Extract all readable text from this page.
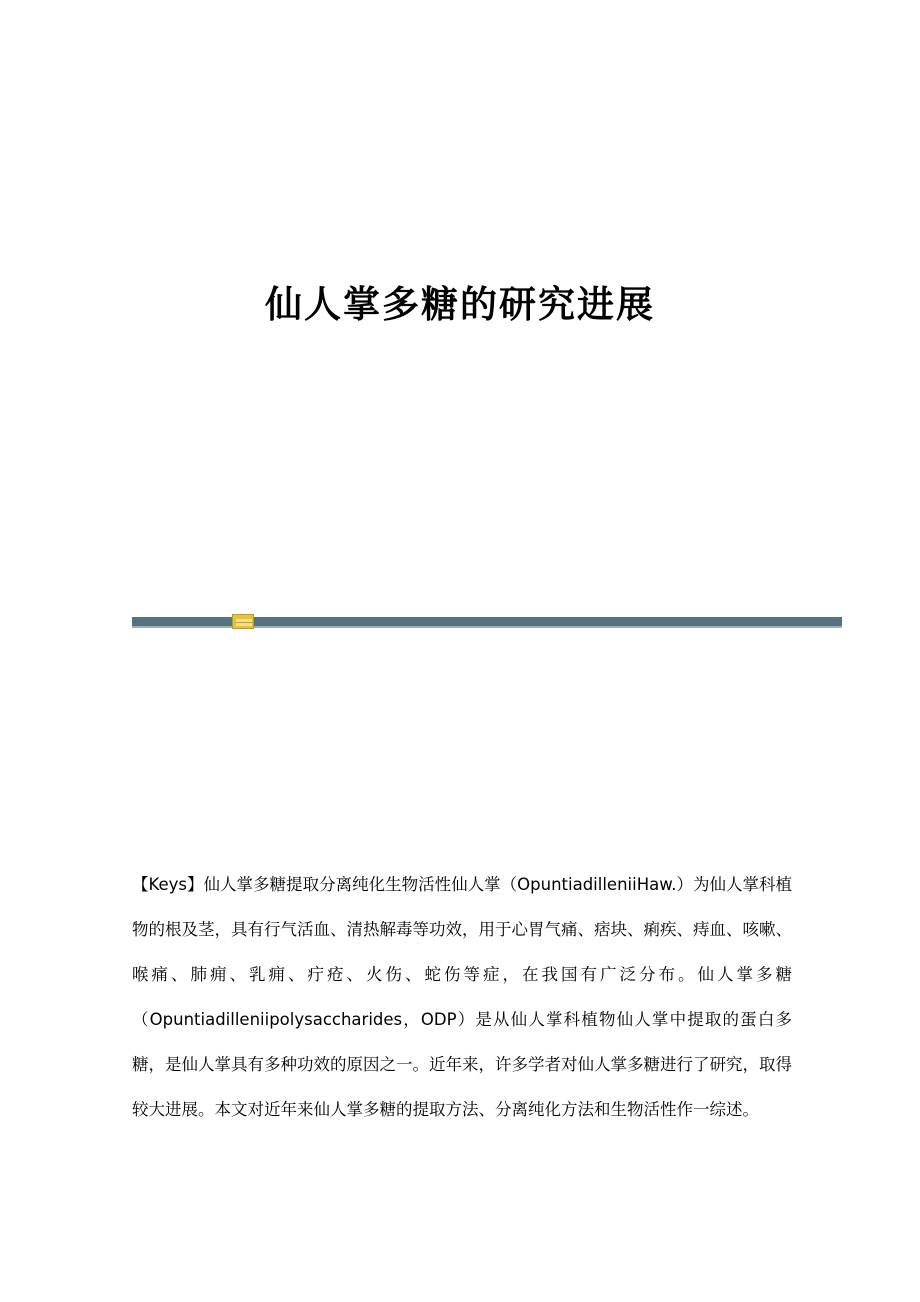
仙人掌多糖的研究进展

【Keys】仙人掌多糖提取分离纯化生物活性仙人掌（OpuntiadilleniiHaw.）为仙人掌科植物的根及茎，具有行气活血、清热解毒等功效，用于心胃气痛、痞块、痢疾、痔血、咳嗽、喉痛、肺痈、乳痈、疔疮、火伤、蛇伤等症，在我国有广泛分布。仙人掌多糖（Opuntiadilleniipolysaccharides，ODP）是从仙人掌科植物仙人掌中提取的蛋白多糖，是仙人掌具有多种功效的原因之一。近年来，许多学者对仙人掌多糖进行了研究，取得较大进展。本文对近年来仙人掌多糖的提取方法、分离纯化方法和生物活性作一综述。
